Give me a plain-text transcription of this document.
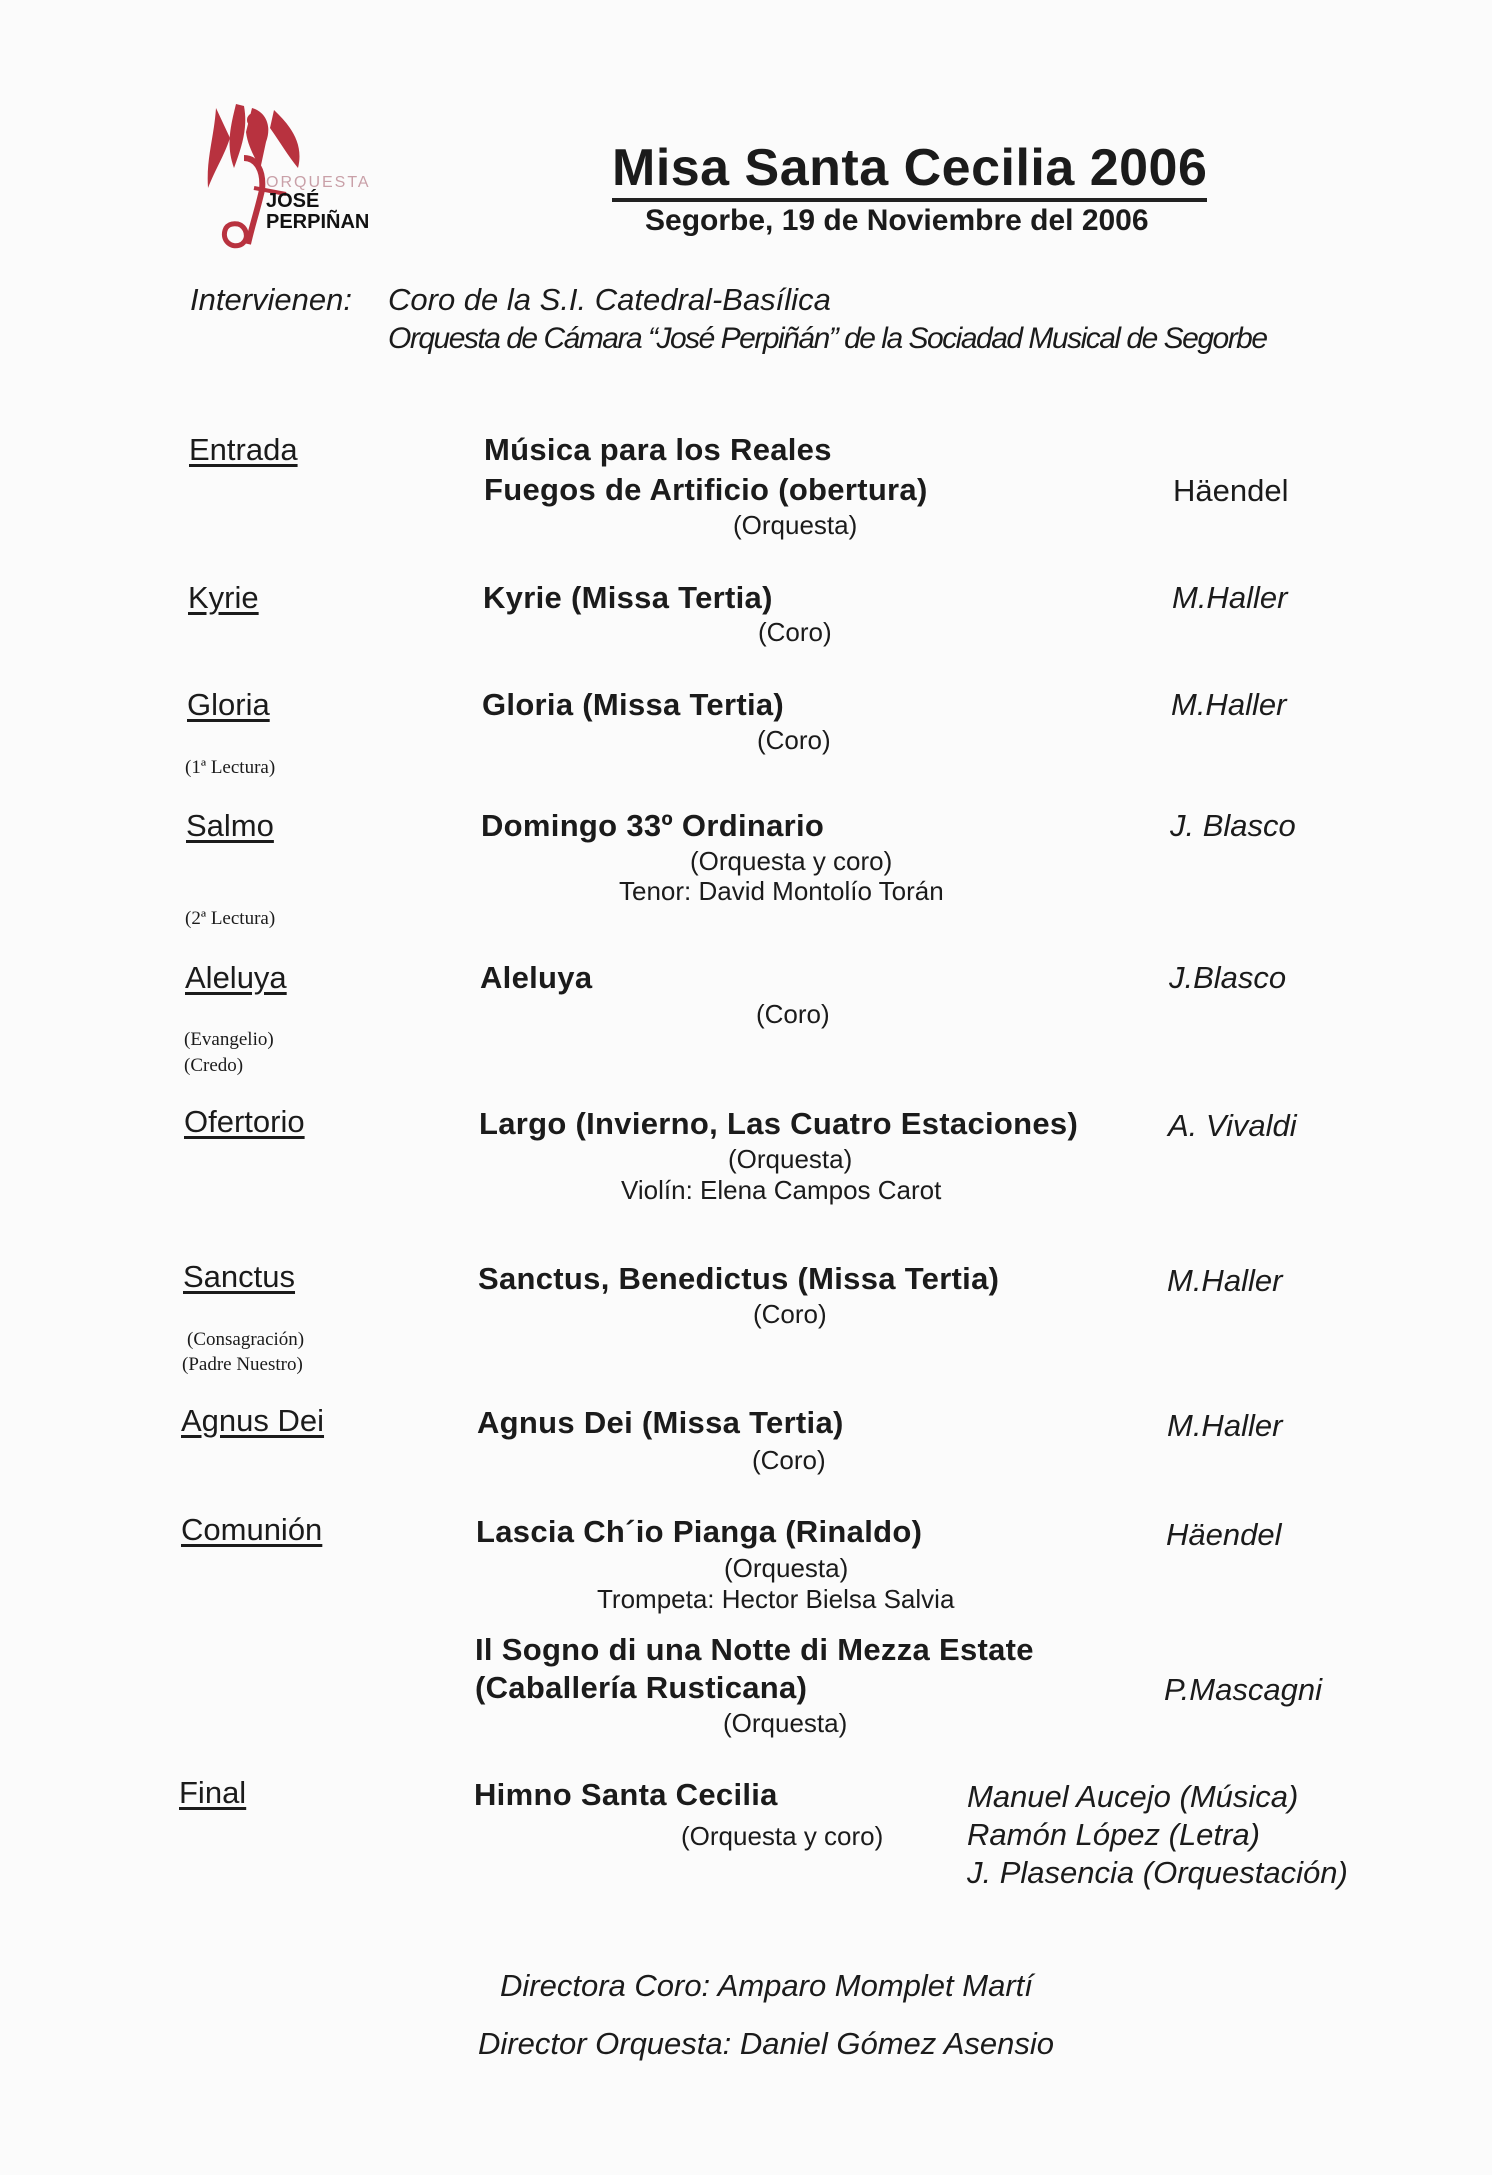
ORQUESTA
JOSÉ
PERPIÑAN
Misa Santa Cecilia 2006
Segorbe, 19 de Noviembre del 2006
Intervienen: Coro de la S.I. Catedral-Basílica
Orquesta de Cámara “José Perpiñán” de la Sociadad Musical de Segorbe
Entrada	Música para los Reales
Fuegos de Artificio (obertura)
(Orquesta)
Häendel
Kyrie	Kyrie (Missa Tertia)
(Coro)
M.Haller
Gloria	Gloria (Missa Tertia)
(Coro)
M.Haller
(1ª Lectura)
Salmo	Domingo 33º Ordinario
(Orquesta y coro)
Tenor: David Montolío Torán
J. Blasco
(2ª Lectura)
Aleluya	Aleluya
(Coro)
J.Blasco
(Evangelio)
(Credo)
Ofertorio	Largo (Invierno, Las Cuatro Estaciones)
(Orquesta)
Violín: Elena Campos Carot
A. Vivaldi
Sanctus	Sanctus, Benedictus (Missa Tertia)
(Coro)
M.Haller
(Consagración)
(Padre Nuestro)
Agnus Dei	Agnus Dei (Missa Tertia)
(Coro)
M.Haller
Comunión	Lascia Ch´io Pianga (Rinaldo)
(Orquesta)
Trompeta: Hector Bielsa Salvia
Häendel
Il Sogno di una Notte di Mezza Estate
(Caballería Rusticana)
(Orquesta)
P.Mascagni
Final	Himno Santa Cecilia
(Orquesta y coro)
Manuel Aucejo (Música)
Ramón López (Letra)
J. Plasencia (Orquestación)
Directora Coro: Amparo Momplet Martí
Director Orquesta: Daniel Gómez Asensio
